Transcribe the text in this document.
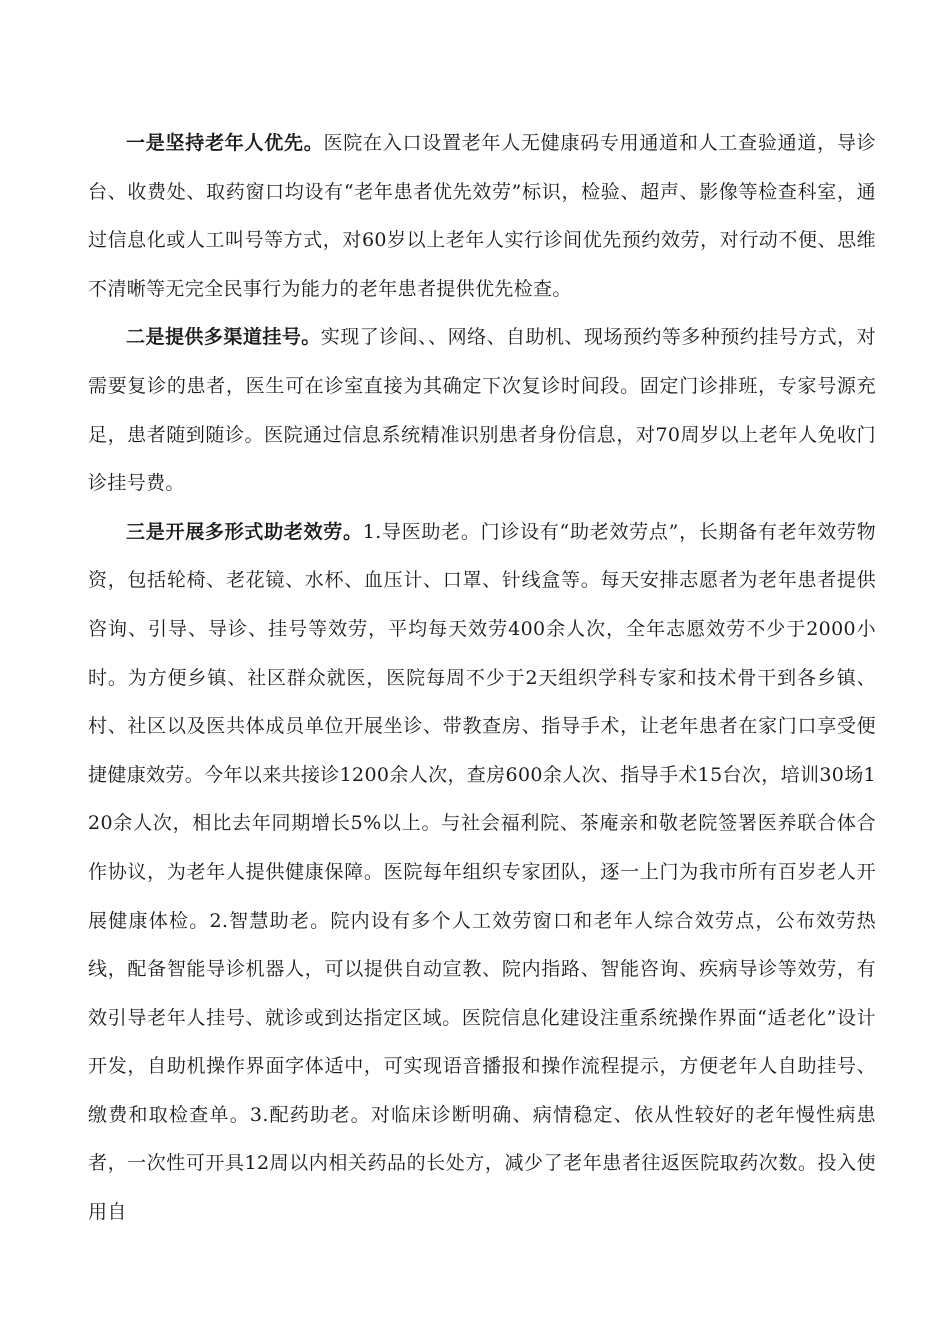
一是坚持老年人优先。医院在入口设置老年人无健康码专用通道和人工查验通道，导诊台、收费处、取药窗口均设有“老年患者优先效劳”标识，检验、超声、影像等检查科室，通过信息化或人工叫号等方式，对60岁以上老年人实行诊间优先预约效劳，对行动不便、思维不清晰等无完全民事行为能力的老年患者提供优先检查。

二是提供多渠道挂号。实现了诊间、、网络、自助机、现场预约等多种预约挂号方式，对需要复诊的患者，医生可在诊室直接为其确定下次复诊时间段。固定门诊排班，专家号源充足，患者随到随诊。医院通过信息系统精准识别患者身份信息，对70周岁以上老年人免收门诊挂号费。

三是开展多形式助老效劳。1.导医助老。门诊设有“助老效劳点”，长期备有老年效劳物资，包括轮椅、老花镜、水杯、血压计、口罩、针线盒等。每天安排志愿者为老年患者提供咨询、引导、导诊、挂号等效劳，平均每天效劳400余人次，全年志愿效劳不少于2000小时。为方便乡镇、社区群众就医，医院每周不少于2天组织学科专家和技术骨干到各乡镇、村、社区以及医共体成员单位开展坐诊、带教查房、指导手术，让老年患者在家门口享受便捷健康效劳。今年以来共接诊1200余人次，查房600余人次、指导手术15台次，培训30场120余人次，相比去年同期增长5%以上。与社会福利院、茶庵亲和敬老院签署医养联合体合作协议，为老年人提供健康保障。医院每年组织专家团队，逐一上门为我市所有百岁老人开展健康体检。2.智慧助老。院内设有多个人工效劳窗口和老年人综合效劳点，公布效劳热线，配备智能导诊机器人，可以提供自动宣教、院内指路、智能咨询、疾病导诊等效劳，有效引导老年人挂号、就诊或到达指定区域。医院信息化建设注重系统操作界面“适老化”设计开发，自助机操作界面字体适中，可实现语音播报和操作流程提示，方便老年人自助挂号、缴费和取检查单。3.配药助老。对临床诊断明确、病情稳定、依从性较好的老年慢性病患者，一次性可开具12周以内相关药品的长处方，减少了老年患者往返医院取药次数。投入使用自
